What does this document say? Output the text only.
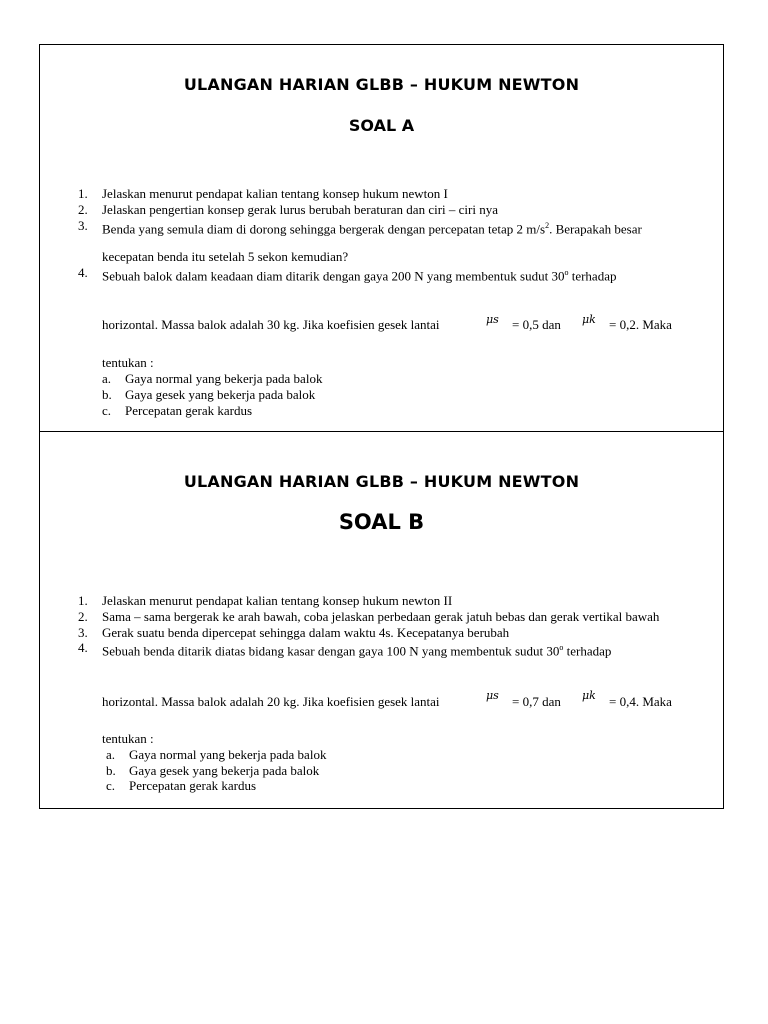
ULANGAN HARIAN GLBB – HUKUM NEWTON
SOAL A
1. Jelaskan menurut pendapat kalian tentang konsep hukum newton I
2. Jelaskan pengertian konsep gerak lurus berubah beraturan dan ciri – ciri nya
3. Benda yang semula diam di dorong sehingga bergerak dengan percepatan tetap 2 $m/s^2$. Berapakah besar
kecepatan benda itu setelah 5 sekon kemudian?
4. Sebuah balok dalam keadaan diam ditarik dengan gaya 200 N yang membentuk sudut 30$^o$ terhadap
horizontal. Massa balok adalah 30 kg. Jika koefisien gesek lantai	μs = 0,5 dan μk = 0,2. Maka
tentukan :
a. Gaya normal yang bekerja pada balok
b. Gaya gesek yang bekerja pada balok
c. Percepatan gerak kardus
ULANGAN HARIAN GLBB – HUKUM NEWTON
SOAL B
1. Jelaskan menurut pendapat kalian tentang konsep hukum newton II
2. Sama – sama bergerak ke arah bawah, coba jelaskan perbedaan gerak jatuh bebas dan gerak vertikal bawah
3. Gerak suatu benda dipercepat sehingga dalam waktu 4s. Kecepatanya berubah
4. Sebuah benda ditarik diatas bidang kasar dengan gaya 100 N yang membentuk sudut 30$^o$ terhadap
horizontal. Massa balok adalah 20 kg. Jika koefisien gesek lantai	μs = 0,7 dan μk = 0,4. Maka
tentukan :
a. Gaya normal yang bekerja pada balok
b. Gaya gesek yang bekerja pada balok
c. Percepatan gerak kardus
